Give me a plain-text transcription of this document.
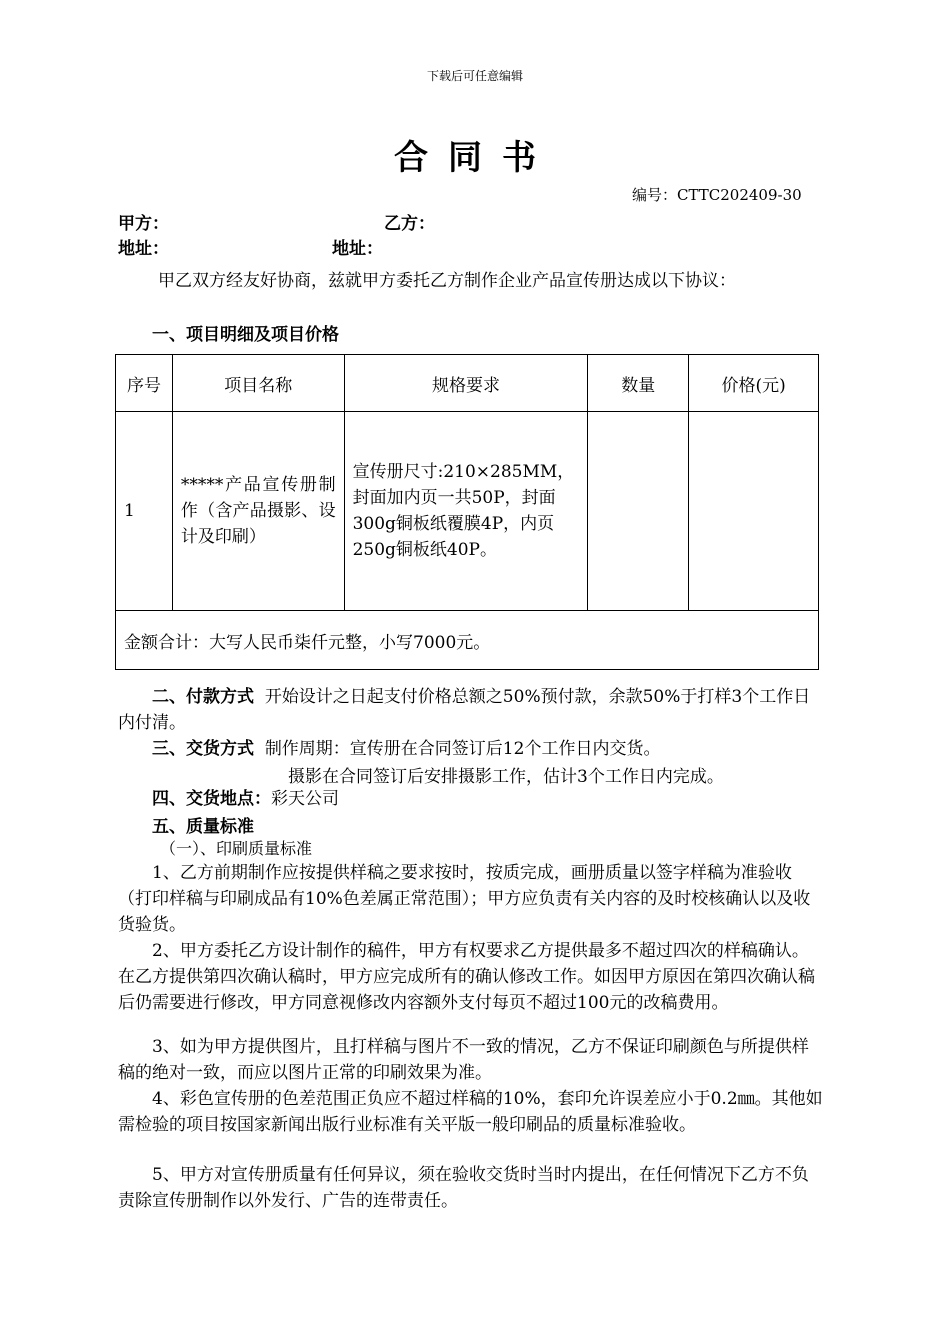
下载后可任意编辑
合同书
编号：CTTC202409-30
甲方：	乙方：
地址：	地址：
甲乙双方经友好协商，兹就甲方委托乙方制作企业产品宣传册达成以下协议：
一、项目明细及项目价格
序号	项目名称	规格要求	数量	价格(元)
1	*****产品宣传册制作（含产品摄影、设计及印刷）	宣传册尺寸:210×285MM，封面加内页一共50P，封面300g铜板纸覆膜4P，内页250g铜板纸40P。		
金额合计：大写人民币柒仟元整，小写7000元。				
二、付款方式 开始设计之日起支付价格总额之50%预付款，余款50%于打样3个工作日内付清。
三、交货方式 制作周期：宣传册在合同签订后12个工作日内交货。
摄影在合同签订后安排摄影工作，估计3个工作日内完成。
四、交货地点：彩天公司
五、质量标准
（一）、印刷质量标准
1、乙方前期制作应按提供样稿之要求按时，按质完成，画册质量以签字样稿为准验收（打印样稿与印刷成品有10%色差属正常范围）；甲方应负责有关内容的及时校核确认以及收货验货。
2、甲方委托乙方设计制作的稿件，甲方有权要求乙方提供最多不超过四次的样稿确认。在乙方提供第四次确认稿时，甲方应完成所有的确认修改工作。如因甲方原因在第四次确认稿后仍需要进行修改，甲方同意视修改内容额外支付每页不超过100元的改稿费用。
3、如为甲方提供图片，且打样稿与图片不一致的情况，乙方不保证印刷颜色与所提供样稿的绝对一致，而应以图片正常的印刷效果为准。
4、彩色宣传册的色差范围正负应不超过样稿的10%，套印允许误差应小于0.2㎜。其他如需检验的项目按国家新闻出版行业标准有关平版一般印刷品的质量标准验收。
5、甲方对宣传册质量有任何异议，须在验收交货时当时内提出，在任何情况下乙方不负责除宣传册制作以外发行、广告的连带责任。
